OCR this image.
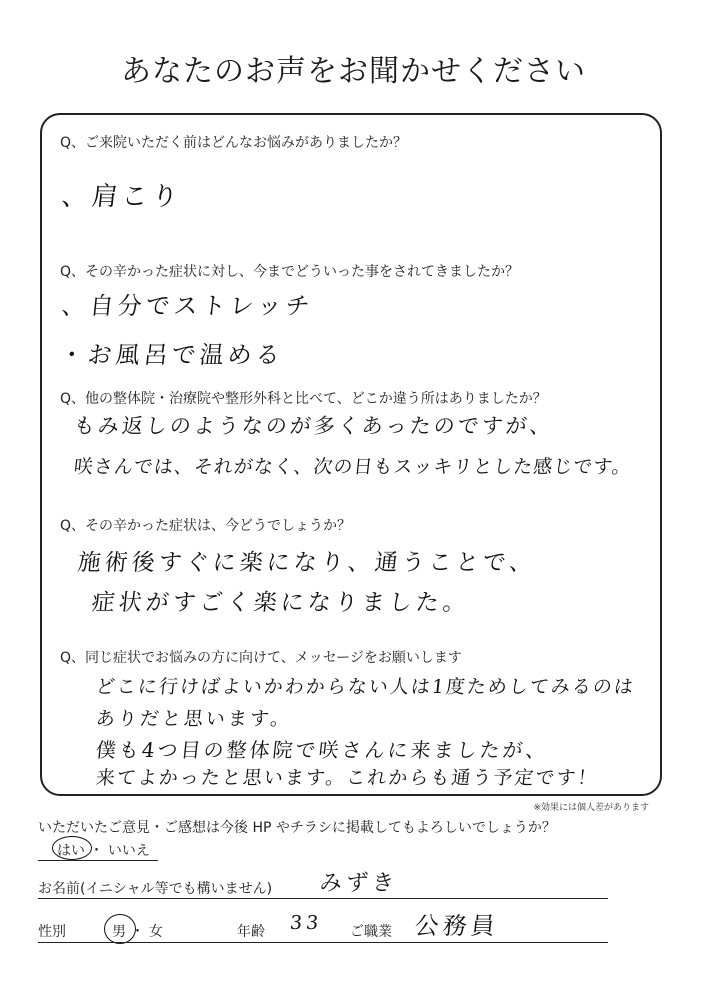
あなたのお声をお聞かせください
Q、ご来院いただく前はどんなお悩みがありましたか？
、肩こり
Q、その辛かった症状に対し、今までどういった事をされてきましたか？
、自分でストレッチ
・お風呂で温める
Q、他の整体院・治療院や整形外科と比べて、どこか違う所はありましたか？
もみ返しのようなのが多くあったのですが、
咲さんでは、それがなく、次の日もスッキリとした感じです。
Q、その辛かった症状は、今どうでしょうか？
施術後すぐに楽になり、通うことで、
症状がすごく楽になりました。
Q、同じ症状でお悩みの方に向けて、メッセージをお願いします
どこに行けばよいかわからない人は1度ためしてみるのは
ありだと思います。
僕も4つ目の整体院で咲さんに来ましたが、
来てよかったと思います。これからも通う予定です！
※効果には個人差があります
いただいたご意見・ご感想は今後 HP やチラシに掲載してもよろしいでしょうか？
はい ・ いいえ
お名前(イニシャル等でも構いません) みずき
性別	男 ・ 女	年齢 33 ご職業 公務員
